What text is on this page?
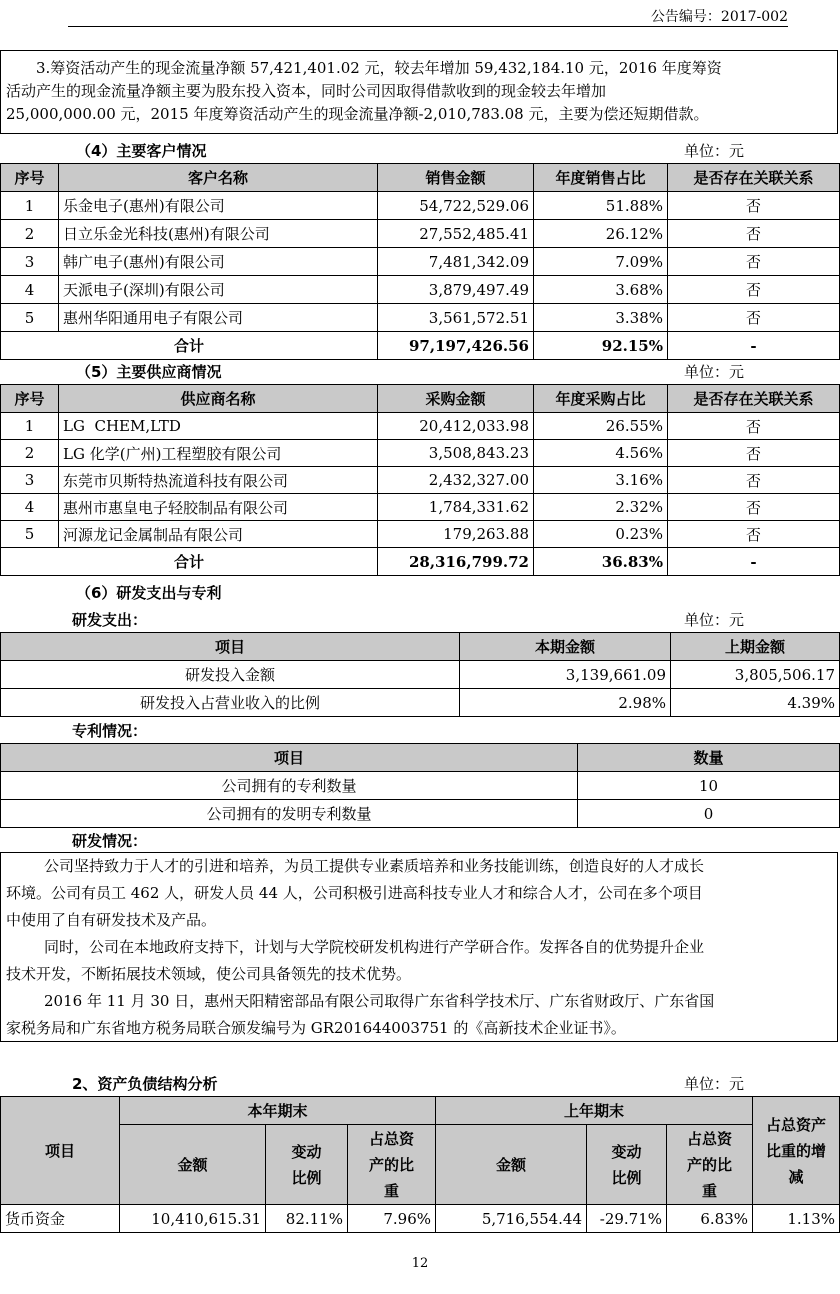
公告编号：2017-002
3.筹资活动产生的现金流量净额 57,421,401.02 元，较去年增加 59,432,184.10 元，2016 年度筹资
活动产生的现金流量净额主要为股东投入资本，同时公司因取得借款收到的现金较去年增加
25,000,000.00 元，2015 年度筹资活动产生的现金流量净额-2,010,783.08 元，主要为偿还短期借款。
（4）主要客户情况	单位：元
序号	客户名称	销售金额	年度销售占比	是否存在关联关系
1	乐金电子(惠州)有限公司	54,722,529.06	51.88%	否
2	日立乐金光科技(惠州)有限公司	27,552,485.41	26.12%	否
3	韩广电子(惠州)有限公司	7,481,342.09	7.09%	否
4	天派电子(深圳)有限公司	3,879,497.49	3.68%	否
5	惠州华阳通用电子有限公司	3,561,572.51	3.38%	否
合计		97,197,426.56	92.15%	-
（5）主要供应商情况	单位：元
序号	供应商名称	采购金额	年度采购占比	是否存在关联关系
1	LG  CHEM,LTD	20,412,033.98	26.55%	否
2	LG 化学(广州)工程塑胶有限公司	3,508,843.23	4.56%	否
3	东莞市贝斯特热流道科技有限公司	2,432,327.00	3.16%	否
4	惠州市惠皇电子轻胶制品有限公司	1,784,331.62	2.32%	否
5	河源龙记金属制品有限公司	179,263.88	0.23%	否
合计		28,316,799.72	36.83%	-
（6）研发支出与专利
研发支出：	单位：元
项目	本期金额	上期金额
研发投入金额	3,139,661.09	3,805,506.17
研发投入占营业收入的比例	2.98%	4.39%
专利情况：
项目	数量
公司拥有的专利数量	10
公司拥有的发明专利数量	0
研发情况：
公司坚持致力于人才的引进和培养，为员工提供专业素质培养和业务技能训练，创造良好的人才成长
环境。公司有员工 462 人，研发人员 44 人，公司积极引进高科技专业人才和综合人才，公司在多个项目
中使用了自有研发技术及产品。
同时，公司在本地政府支持下，计划与大学院校研发机构进行产学研合作。发挥各自的优势提升企业
技术开发，不断拓展技术领域，使公司具备领先的技术优势。
2016 年 11 月 30 日，惠州天阳精密部品有限公司取得广东省科学技术厅、广东省财政厅、广东省国
家税务局和广东省地方税务局联合颁发编号为 GR201644003751 的《高新技术企业证书》。
2、资产负债结构分析	单位：元
项目	本年期末			上年期末			占总资产比重的增减
	金额	变动比例	占总资产的比重	金额	变动比例	占总资产的比重	
货币资金	10,410,615.31	82.11%	7.96%	5,716,554.44	-29.71%	6.83%	1.13%
12
